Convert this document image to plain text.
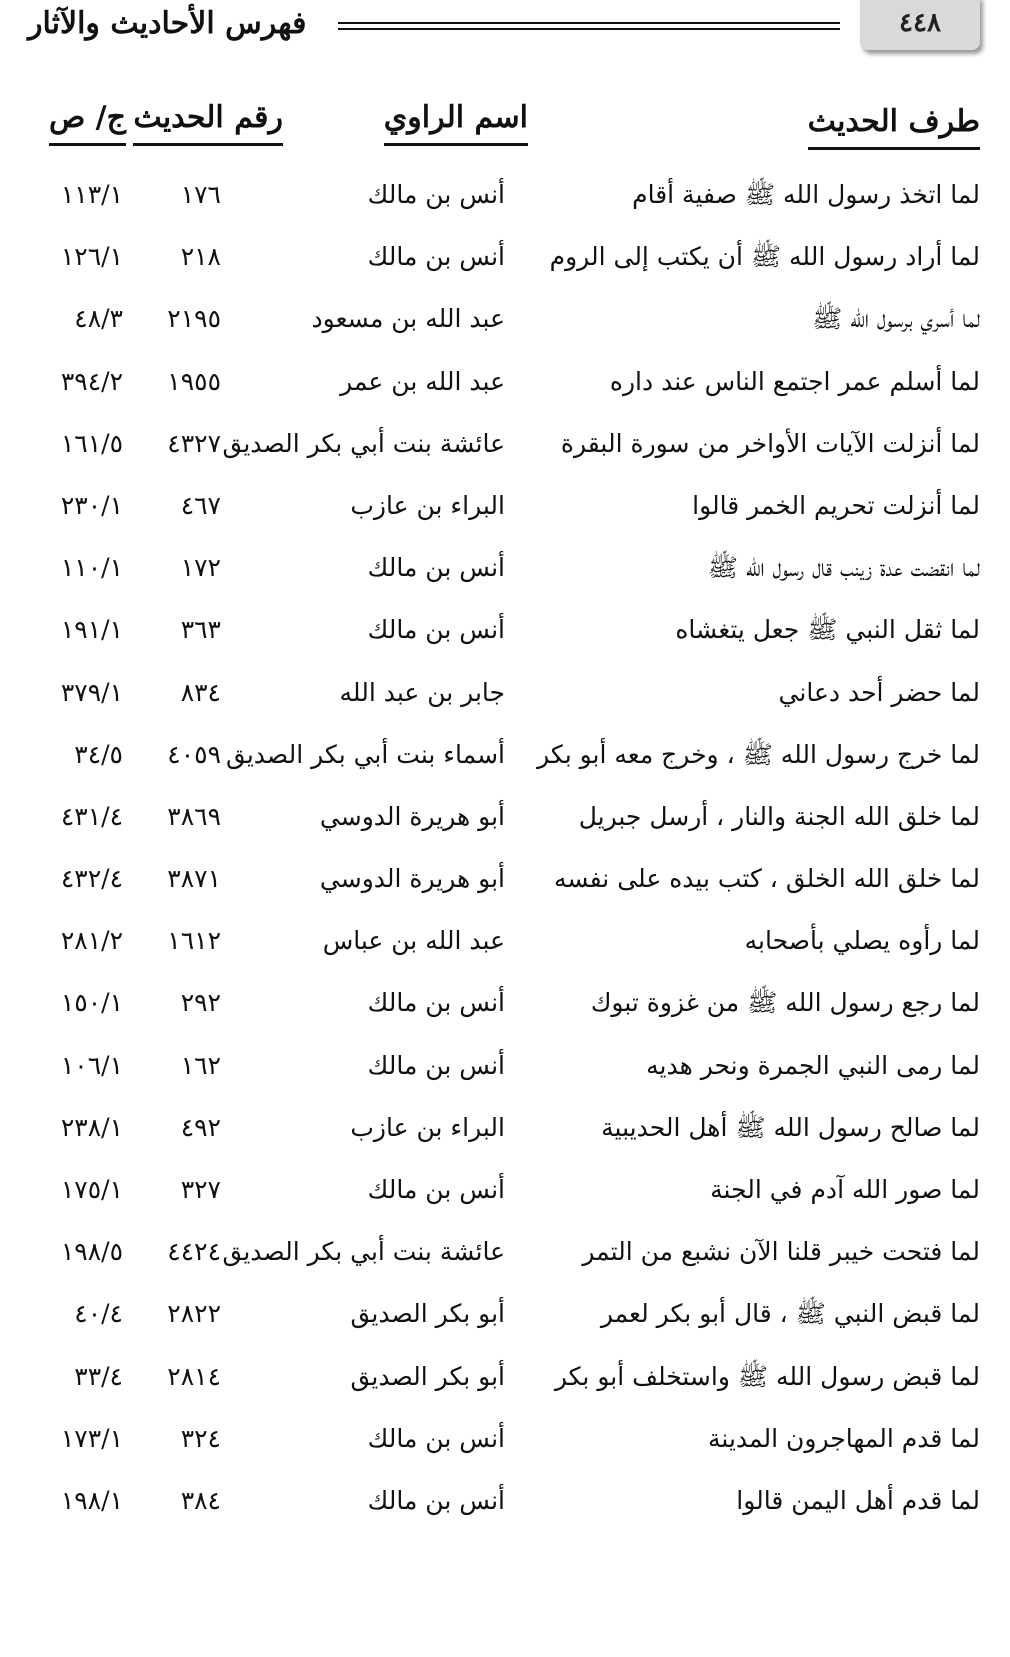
فهرس الأحاديث والآثار	٤٤٨
طرف الحديث
اسم الراوي
رقم الحديث
ج/ ص
لما اتخذ رسول الله ﷺ صفية أقام
أنس بن مالك
١٧٦
١١٣/١
لما أراد رسول الله ﷺ أن يكتب إلى الروم
أنس بن مالك
٢١٨
١٢٦/١
لما أسري برسول الله ﷺ
عبد الله بن مسعود
٢١٩٥
٤٨/٣
لما أسلم عمر اجتمع الناس عند داره
عبد الله بن عمر
١٩٥٥
٣٩٤/٢
لما أنزلت الآيات الأواخر من سورة البقرة
عائشة بنت أبي بكر الصديق
٤٣٢٧
١٦١/٥
لما أنزلت تحريم الخمر قالوا
البراء بن عازب
٤٦٧
٢٣٠/١
لما انقضت عدة زينب قال رسول الله ﷺ
أنس بن مالك
١٧٢
١١٠/١
لما ثقل النبي ﷺ جعل يتغشاه
أنس بن مالك
٣٦٣
١٩١/١
لما حضر أحد دعاني
جابر بن عبد الله
٨٣٤
٣٧٩/١
لما خرج رسول الله ﷺ ، وخرج معه أبو بكر
أسماء بنت أبي بكر الصديق
٤٠٥٩
٣٤/٥
لما خلق الله الجنة والنار ، أرسل جبريل
أبو هريرة الدوسي
٣٨٦٩
٤٣١/٤
لما خلق الله الخلق ، كتب بيده على نفسه
أبو هريرة الدوسي
٣٨٧١
٤٣٢/٤
لما رأوه يصلي بأصحابه
عبد الله بن عباس
١٦١٢
٢٨١/٢
لما رجع رسول الله ﷺ من غزوة تبوك
أنس بن مالك
٢٩٢
١٥٠/١
لما رمى النبي الجمرة ونحر هديه
أنس بن مالك
١٦٢
١٠٦/١
لما صالح رسول الله ﷺ أهل الحديبية
البراء بن عازب
٤٩٢
٢٣٨/١
لما صور الله آدم في الجنة
أنس بن مالك
٣٢٧
١٧٥/١
لما فتحت خيبر قلنا الآن نشبع من التمر
عائشة بنت أبي بكر الصديق
٤٤٢٤
١٩٨/٥
لما قبض النبي ﷺ ، قال أبو بكر لعمر
أبو بكر الصديق
٢٨٢٢
٤٠/٤
لما قبض رسول الله ﷺ واستخلف أبو بكر
أبو بكر الصديق
٢٨١٤
٣٣/٤
لما قدم المهاجرون المدينة
أنس بن مالك
٣٢٤
١٧٣/١
لما قدم أهل اليمن قالوا
أنس بن مالك
٣٨٤
١٩٨/١
